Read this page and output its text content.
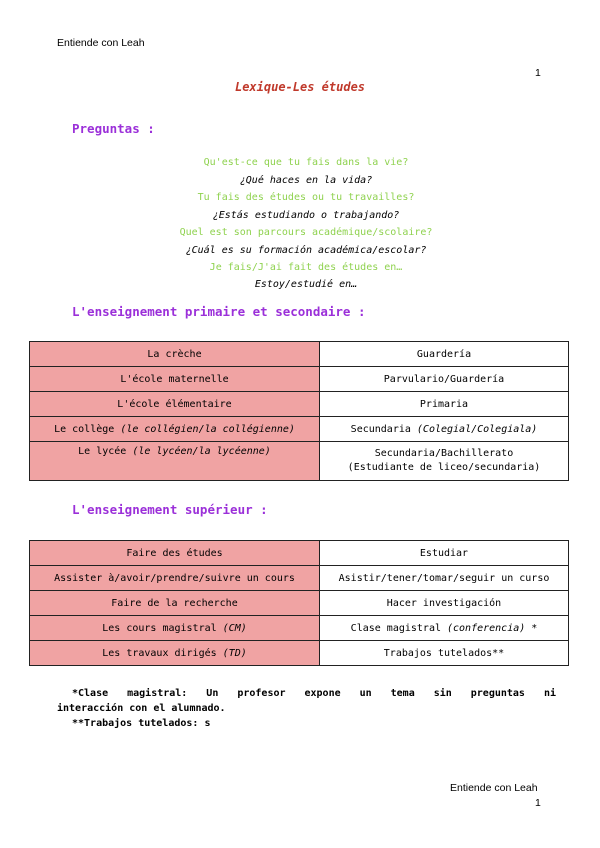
Entiende con Leah
1
Lexique-Les études
Preguntas :
Qu'est-ce que tu fais dans la vie?
¿Qué haces en la vida?
Tu fais des études ou tu travailles?
¿Estás estudiando o trabajando?
Quel est son parcours académique/scolaire?
¿Cuál es su formación académica/escolar?
Je fais/J'ai fait des études en…
Estoy/estudié en…
L'enseignement primaire et secondaire :
La crèche	Guardería
L'école maternelle	Parvulario/Guardería
L'école élémentaire	Primaria
Le collège (le collégien/la collégienne)	Secundaria (Colegial/Colegiala)
Le lycée (le lycéen/la lycéenne)	Secundaria/Bachillerato
(Estudiante de liceo/secundaria)
L'enseignement supérieur :
Faire des études	Estudiar
Assister à/avoir/prendre/suivre un cours	Asistir/tener/tomar/seguir un curso
Faire de la recherche	Hacer investigación
Les cours magistral (CM)	Clase magistral (conferencia) *
Les travaux dirigés (TD)	Trabajos tutelados**
*Clase magistral: Un profesor expone un tema sin preguntas ni
interacción con el alumnado.
**Trabajos tutelados: s
Entiende con Leah
1
